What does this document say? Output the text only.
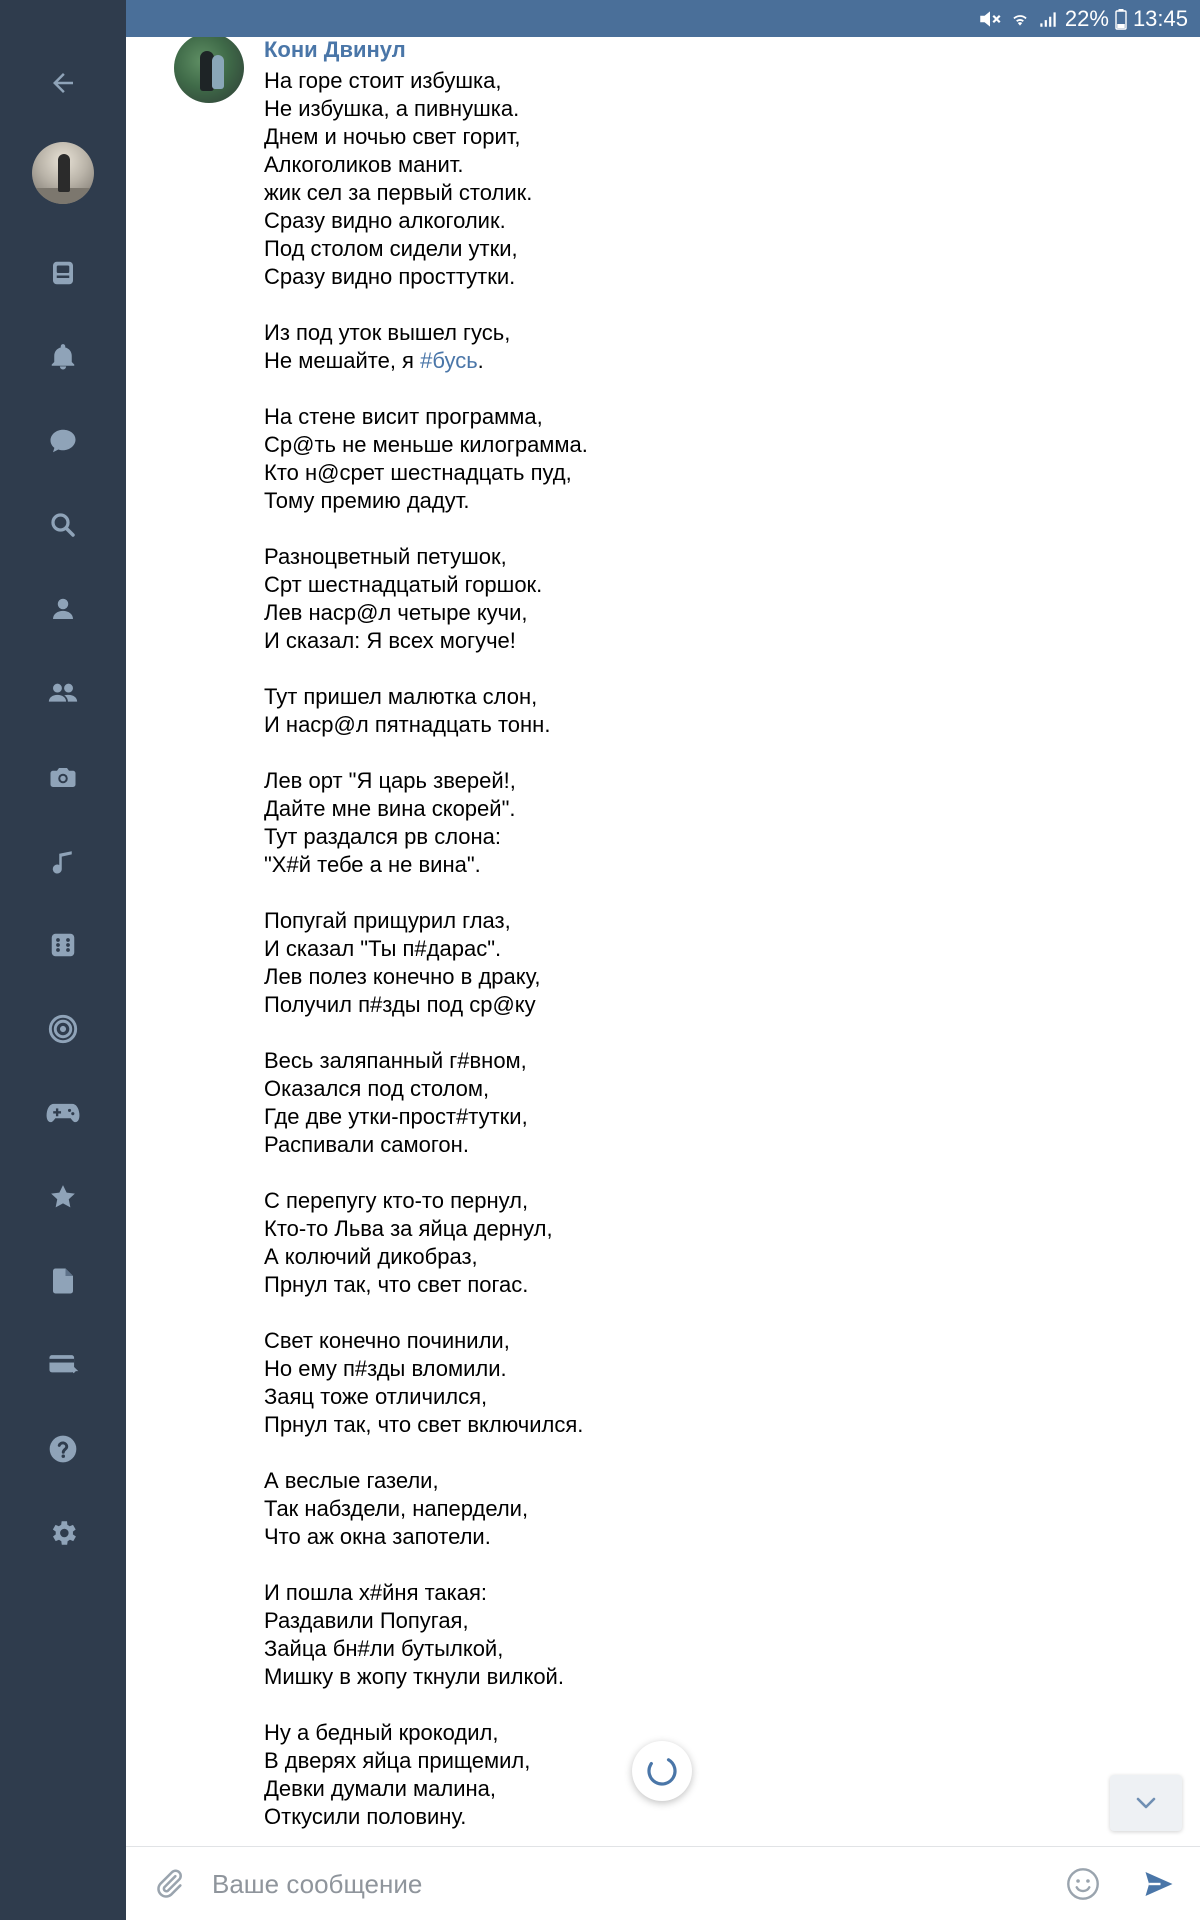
22% 13:45
Кони Двинул
На горе стоит избушка,
Не избушка, а пивнушка.
Днем и ночью свет горит,
Алкоголиков манит.
жик сел за первый столик.
Сразу видно алкоголик.
Под столом сидели утки,
Сразу видно просттутки.
Из под уток вышел гусь,
Не мешайте, я #бусь.
На стене висит программа,
Ср@ть не меньше килограмма.
Кто н@срет шестнадцать пуд,
Тому премию дадут.
Разноцветный петушок,
Срт шестнадцатый горшок.
Лев нacp@л четыре кучи,
И сказал: Я всех могуче!
Тут пришел малютка слон,
И нacp@л пятнадцать тонн.
Лев орт "Я царь зверей!,
Дайте мне вина скорей".
Тут раздался рв слона:
"Х#й тебе а не вина".
Попугай прищурил глаз,
И сказал "Ты п#дарас".
Лев полез конечно в драку,
Получил п#зды под ср@ку
Весь заляпанный г#вном,
Оказался под столом,
Где две утки-прост#тутки,
Распивали самогон.
С перепугу кто-то пернул,
Кто-то Льва за яйца дернул,
А колючий дикобраз,
Прнул так, что свет погас.
Свет конечно починили,
Но ему п#зды вломили.
Заяц тоже отличился,
Прнул так, что свет включился.
А веслые газели,
Так набздели, напердели,
Что аж окна запотели.
И пошла х#йня такая:
Раздавили Попугая,
Зайца бн#ли бутылкой,
Мишку в жопу ткнули вилкой.
Ну а бедный крокодил,
В дверях яйца прищемил,
Девки думали малина,
Откусили половину.
Ваше сообщение
